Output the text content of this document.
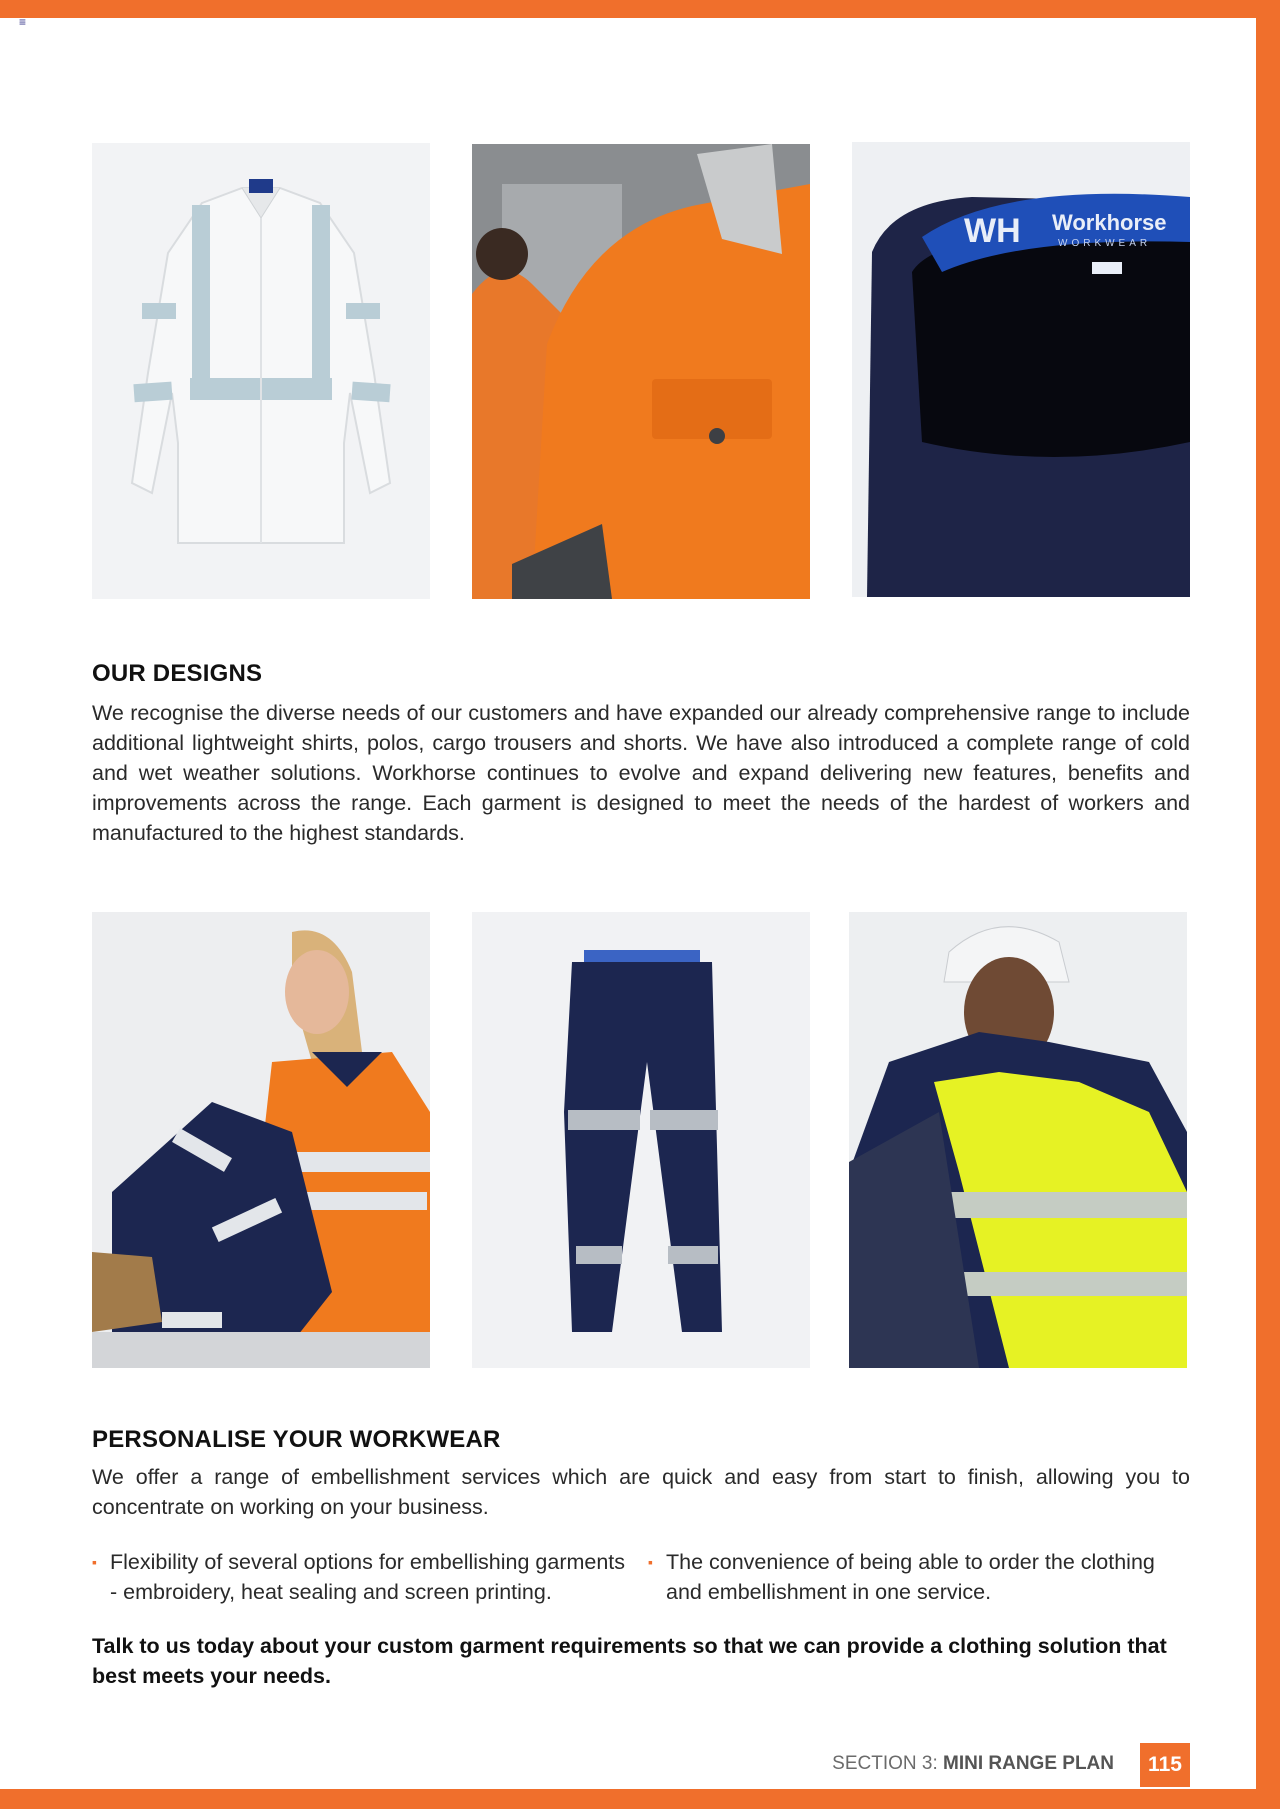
≡
WH Workhorse
WORKWEAR
OUR DESIGNS

We recognise the diverse needs of our customers and have expanded our already comprehensive range to include additional lightweight shirts, polos, cargo trousers and shorts. We have also introduced a complete range of cold and wet weather solutions. Workhorse continues to evolve and expand delivering new features, benefits and improvements across the range. Each garment is designed to meet the needs of the hardest of workers and manufactured to the highest standards.

PERSONALISE YOUR WORKWEAR

We offer a range of embellishment services which are quick and easy from start to finish, allowing you to concentrate on working on your business.

▪ Flexibility of several options for embellishing garments - embroidery, heat sealing and screen printing.
▪ The convenience of being able to order the clothing and embellishment in one service.

Talk to us today about your custom garment requirements so that we can provide a clothing solution that best meets your needs.

SECTION 3: MINI RANGE PLAN	115
